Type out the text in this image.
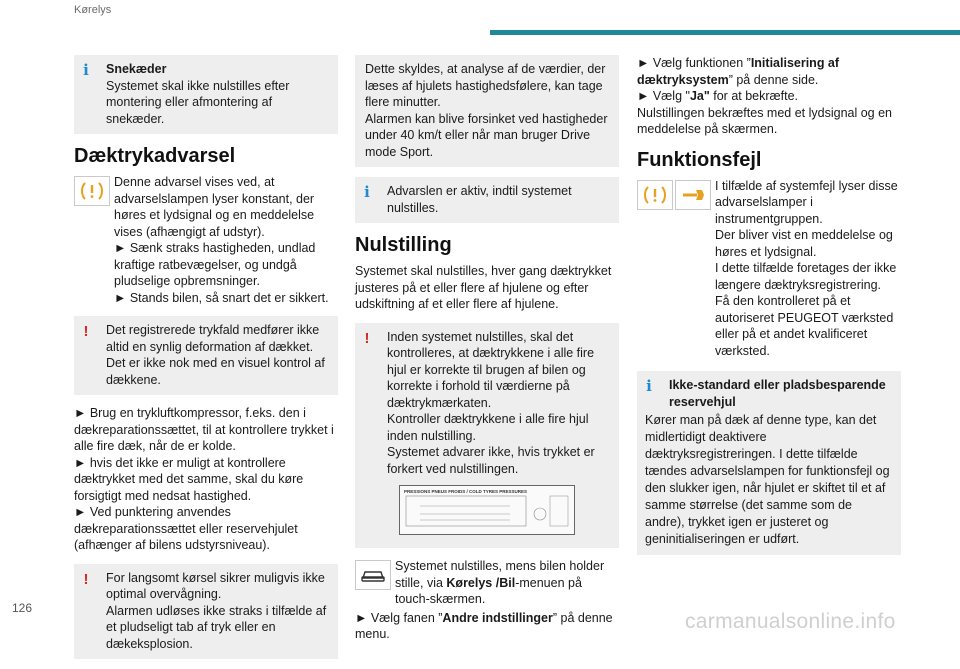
Kørelys
i	Snekæder
Systemet skal ikke nulstilles efter montering eller afmontering af snekæder.
Dæktrykadvarsel

Denne advarsel vises ved, at advarselslampen lyser konstant, der høres et lydsignal og en meddelelse vises (afhængigt af udstyr).
► Sænk straks hastigheden, undlad kraftige ratbevægelser, og undgå pludselige opbremsninger.
► Stands bilen, så snart det er sikkert.

!	Det registrerede trykfald medfører ikke altid en synlig deformation af dækket. Det er ikke nok med en visuel kontrol af dækkene.

► Brug en trykluftkompressor, f.eks. den i dækreparationssættet, til at kontrollere trykket i alle fire dæk, når de er kolde.
► hvis det ikke er muligt at kontrollere dæktrykket med det samme, skal du køre forsigtigt med nedsat hastighed.
► Ved punktering anvendes dækreparationssættet eller reservehjulet (afhænger af bilens udstyrsniveau).

!	For langsomt kørsel sikrer muligvis ikke optimal overvågning.
Alarmen udløses ikke straks i tilfælde af et pludseligt tab af tryk eller en dækeksplosion.

Dette skyldes, at analyse af de værdier, der læses af hjulets hastighedsfølere, kan tage flere minutter.
Alarmen kan blive forsinket ved hastigheder under 40 km/t eller når man bruger Drive mode Sport.

i	Advarslen er aktiv, indtil systemet nulstilles.
Nulstilling

Systemet skal nulstilles, hver gang dæktrykket justeres på et eller flere af hjulene og efter udskiftning af et eller flere af hjulene.

!	Inden systemet nulstilles, skal det kontrolleres, at dæktrykkene i alle fire hjul er korrekte til brugen af bilen og korrekte i forhold til værdierne på dæktrykmærkaten.
Kontroller dæktrykkene i alle fire hjul inden nulstilling.
Systemet advarer ikke, hvis trykket er forkert ved nulstillingen.
PRESSIONS PNEUS FROIDS / COLD TYRES PRESSURES

Systemet nulstilles, mens bilen holder stille, via Kørelys /Bil-menuen på touch-skærmen.

► Vælg fanen ”Andre indstillinger” på denne menu.

► Vælg funktionen ”Initialisering af dæktryksystem” på denne side.

► Vælg "Ja" for at bekræfte.

Nulstillingen bekræftes med et lydsignal og en meddelelse på skærmen.

Funktionsfejl

I tilfælde af systemfejl lyser disse advarselslamper i instrumentgruppen.
Der bliver vist en meddelelse og høres et lydsignal.
I dette tilfælde foretages der ikke længere dæktryksregistrering.
Få den kontrolleret på et autoriseret PEUGEOT værksted eller på et andet kvalificeret værksted.

i	Ikke-standard eller pladsbesparende reservehjul
Kører man på dæk af denne type, kan det midlertidigt deaktivere dæktryksregistreringen. I dette tilfælde tændes advarselslampen for funktionsfejl og den slukker igen, når hjulet er skiftet til et af samme størrelse (det samme som de andre), trykket igen er justeret og geninitialiseringen er udført.
126
carmanualsonline.info
